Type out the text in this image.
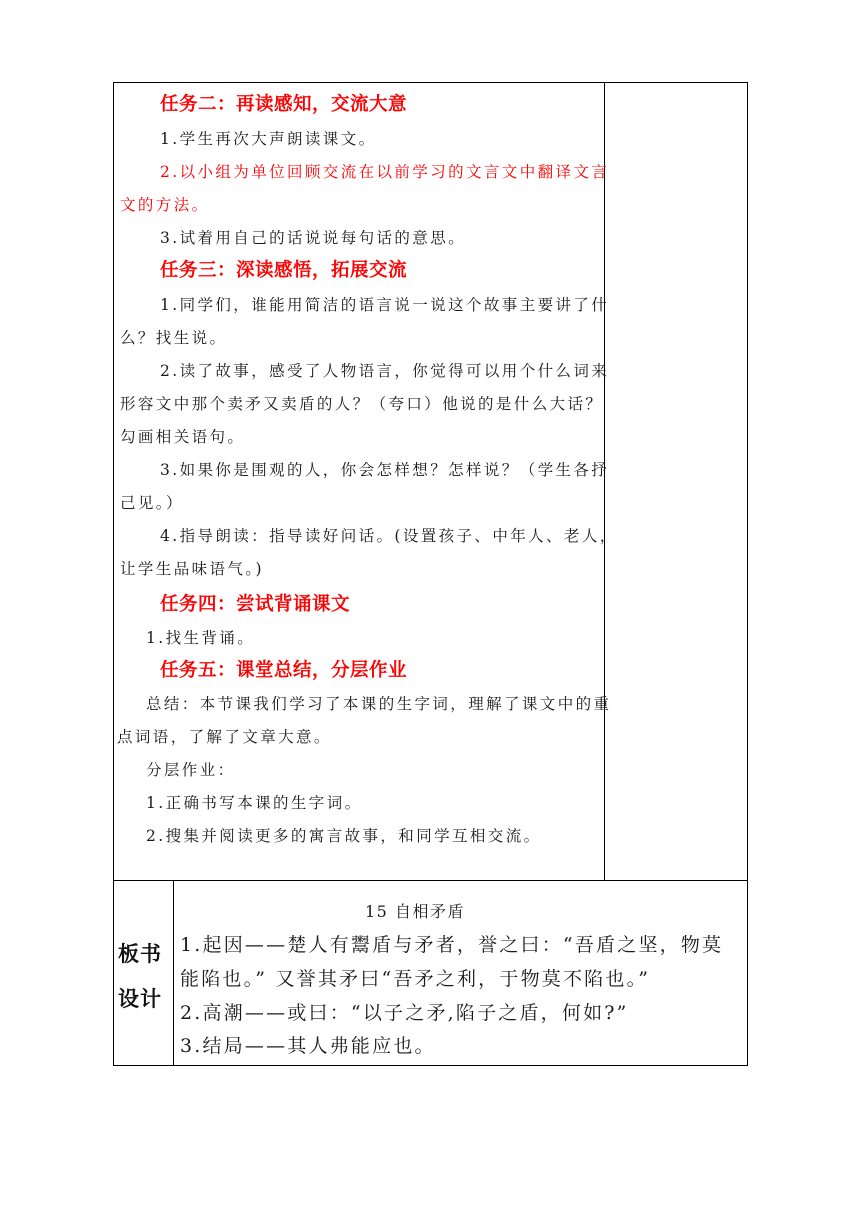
任务二：再读感知，交流大意
1.学生再次大声朗读课文。
2.以小组为单位回顾交流在以前学习的文言文中翻译文言
文的方法。
3.试着用自己的话说说每句话的意思。
任务三：深读感悟，拓展交流
1.同学们，谁能用简洁的语言说一说这个故事主要讲了什
么？找生说。
2.读了故事，感受了人物语言，你觉得可以用个什么词来
形容文中那个卖矛又卖盾的人？（夸口）他说的是什么大话？
勾画相关语句。
3.如果你是围观的人，你会怎样想？怎样说？（学生各抒
己见。）
4.指导朗读：指导读好问话。(设置孩子、中年人、老人，
让学生品味语气。)
任务四：尝试背诵课文
1.找生背诵。
任务五：课堂总结，分层作业
总结：本节课我们学习了本课的生字词，理解了课文中的重
点词语，了解了文章大意。
分层作业：
1.正确书写本课的生字词。
2.搜集并阅读更多的寓言故事，和同学互相交流。
板书
设计
15 自相矛盾
1.起因——楚人有鬻盾与矛者，誉之曰：“吾盾之坚，物莫
能陷也。” 又誉其矛曰“吾矛之利，于物莫不陷也。”
2.高潮——或曰：“以子之矛,陷子之盾，何如?”
3.结局——其人弗能应也。
